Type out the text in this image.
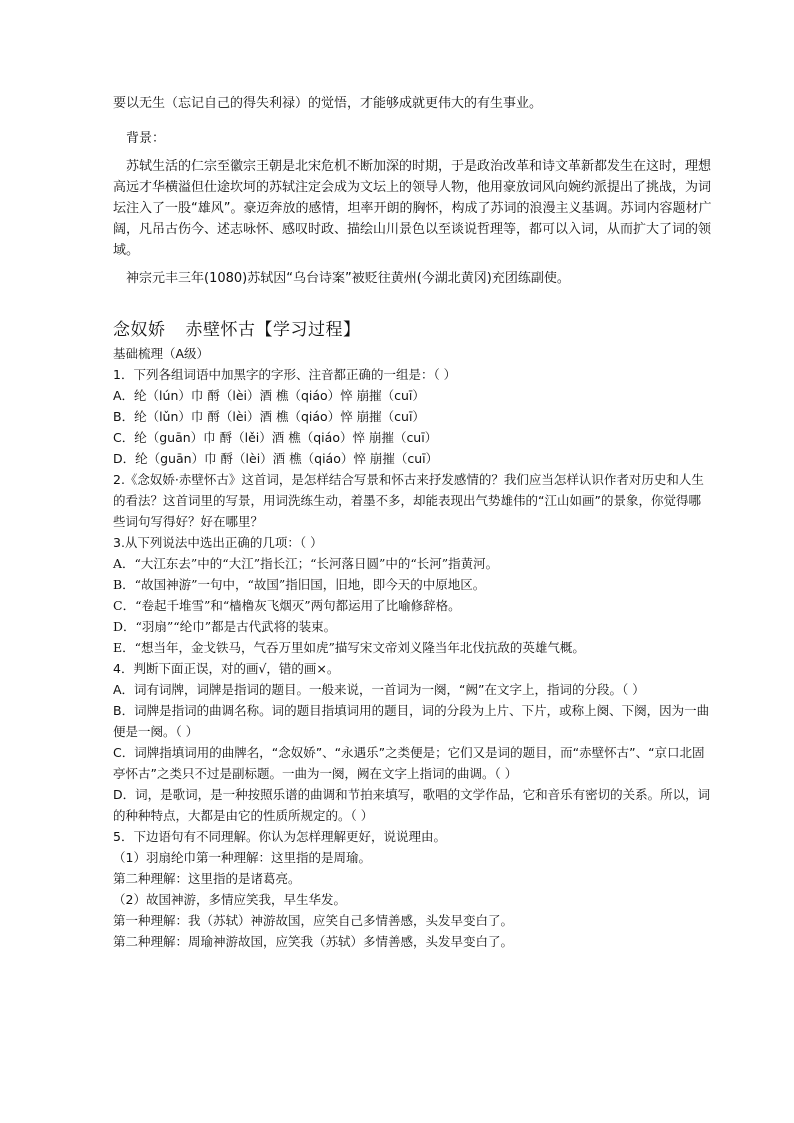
要以无生（忘记自己的得失利禄）的觉悟，才能够成就更伟大的有生事业。

背景：

苏轼生活的仁宗至徽宗王朝是北宋危机不断加深的时期，于是政治改革和诗文革新都发生在这时，理想高远才华横溢但仕途坎坷的苏轼注定会成为文坛上的领导人物，他用豪放词风向婉约派提出了挑战，为词坛注入了一股“雄风”。豪迈奔放的感情，坦率开朗的胸怀，构成了苏词的浪漫主义基调。苏词内容题材广阔，凡吊古伤今、述志咏怀、感叹时政、描绘山川景色以至谈说哲理等，都可以入词，从而扩大了词的领域。

神宗元丰三年(1080)苏轼因“乌台诗案”被贬往黄州(今湖北黄冈)充团练副使。

念奴娇 赤壁怀古【学习过程】

基础梳理（A级）

1．下列各组词语中加黑字的字形、注音都正确的一组是：（ ）

A．纶（lún）巾 酹（lèi）酒 樵（qiáo）悴 崩摧（cuī）

B．纶（lǔn）巾 酹（lèi）酒 樵（qiáo）悴 崩摧（cuī）

C．纶（guān）巾 酹（lěi）酒 樵（qiáo）悴 崩摧（cuī）

D．纶（guān）巾 酹（lèi）酒 樵（qiáo）悴 崩摧（cuī）

2.《念奴娇·赤壁怀古》这首词，是怎样结合写景和怀古来抒发感情的？我们应当怎样认识作者对历史和人生的看法？这首词里的写景，用词洗练生动，着墨不多，却能表现出气势雄伟的“江山如画”的景象，你觉得哪些词句写得好？好在哪里？

3.从下列说法中选出正确的几项：（ ）

A．“大江东去”中的“大江”指长江；“长河落日圆”中的“长河”指黄河。

B．“故国神游”一句中，“故国”指旧国，旧地，即今天的中原地区。

C．“卷起千堆雪”和“樯橹灰飞烟灭”两句都运用了比喻修辞格。

D．“羽扇”“纶巾”都是古代武将的装束。

E．“想当年，金戈铁马，气吞万里如虎”描写宋文帝刘义隆当年北伐抗敌的英雄气概。

4．判断下面正误，对的画√，错的画×。

A．词有词牌，词牌是指词的题目。一般来说，一首词为一阕，“阙”在文字上，指词的分段。（ ）

B．词牌是指词的曲调名称。词的题目指填词用的题目，词的分段为上片、下片，或称上阕、下阕，因为一曲便是一阕。（ ）

C．词牌指填词用的曲牌名，“念奴娇”、“永遇乐”之类便是；它们又是词的题目，而“赤壁怀古”、“京口北固亭怀古”之类只不过是副标题。一曲为一阕，阙在文字上指词的曲调。（ ）

D．词，是歌词，是一种按照乐谱的曲调和节拍来填写，歌唱的文学作品，它和音乐有密切的关系。所以，词的种种特点，大都是由它的性质所规定的。（ ）

5．下边语句有不同理解。你认为怎样理解更好，说说理由。

（1）羽扇纶巾第一种理解：这里指的是周瑜。

第二种理解：这里指的是诸葛亮。

（2）故国神游，多情应笑我，早生华发。

第一种理解：我（苏轼）神游故国，应笑自己多情善感，头发早变白了。

第二种理解：周瑜神游故国，应笑我（苏轼）多情善感，头发早变白了。
